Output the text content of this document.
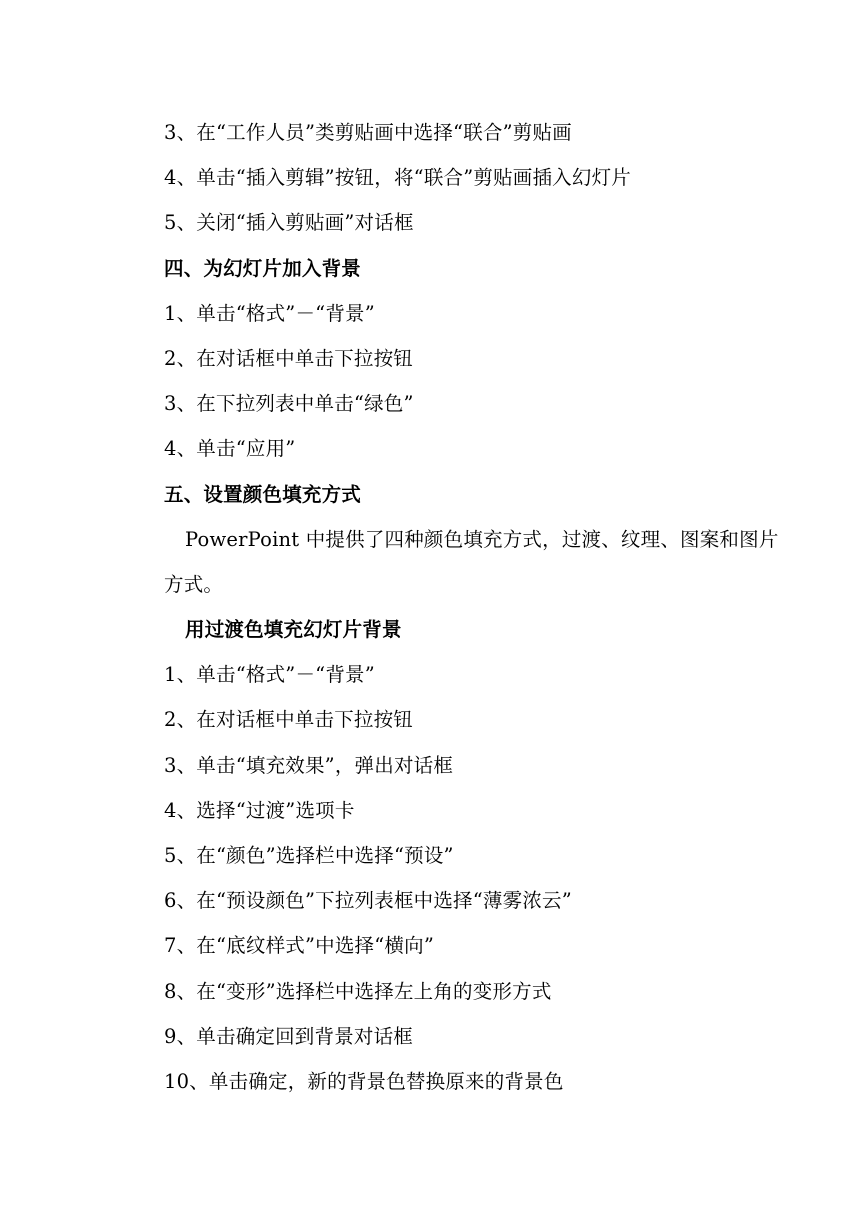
3、在“工作人员”类剪贴画中选择“联合”剪贴画
4、单击“插入剪辑”按钮，将“联合”剪贴画插入幻灯片
5、关闭“插入剪贴画”对话框
四、为幻灯片加入背景
1、单击“格式”－“背景”
2、在对话框中单击下拉按钮
3、在下拉列表中单击“绿色”
4、单击“应用”
五、设置颜色填充方式
PowerPoint 中提供了四种颜色填充方式，过渡、纹理、图案和图片方式。
用过渡色填充幻灯片背景
1、单击“格式”－“背景”
2、在对话框中单击下拉按钮
3、单击“填充效果”，弹出对话框
4、选择“过渡”选项卡
5、在“颜色”选择栏中选择“预设”
6、在“预设颜色”下拉列表框中选择“薄雾浓云”
7、在“底纹样式”中选择“横向”
8、在“变形”选择栏中选择左上角的变形方式
9、单击确定回到背景对话框
10、单击确定，新的背景色替换原来的背景色
